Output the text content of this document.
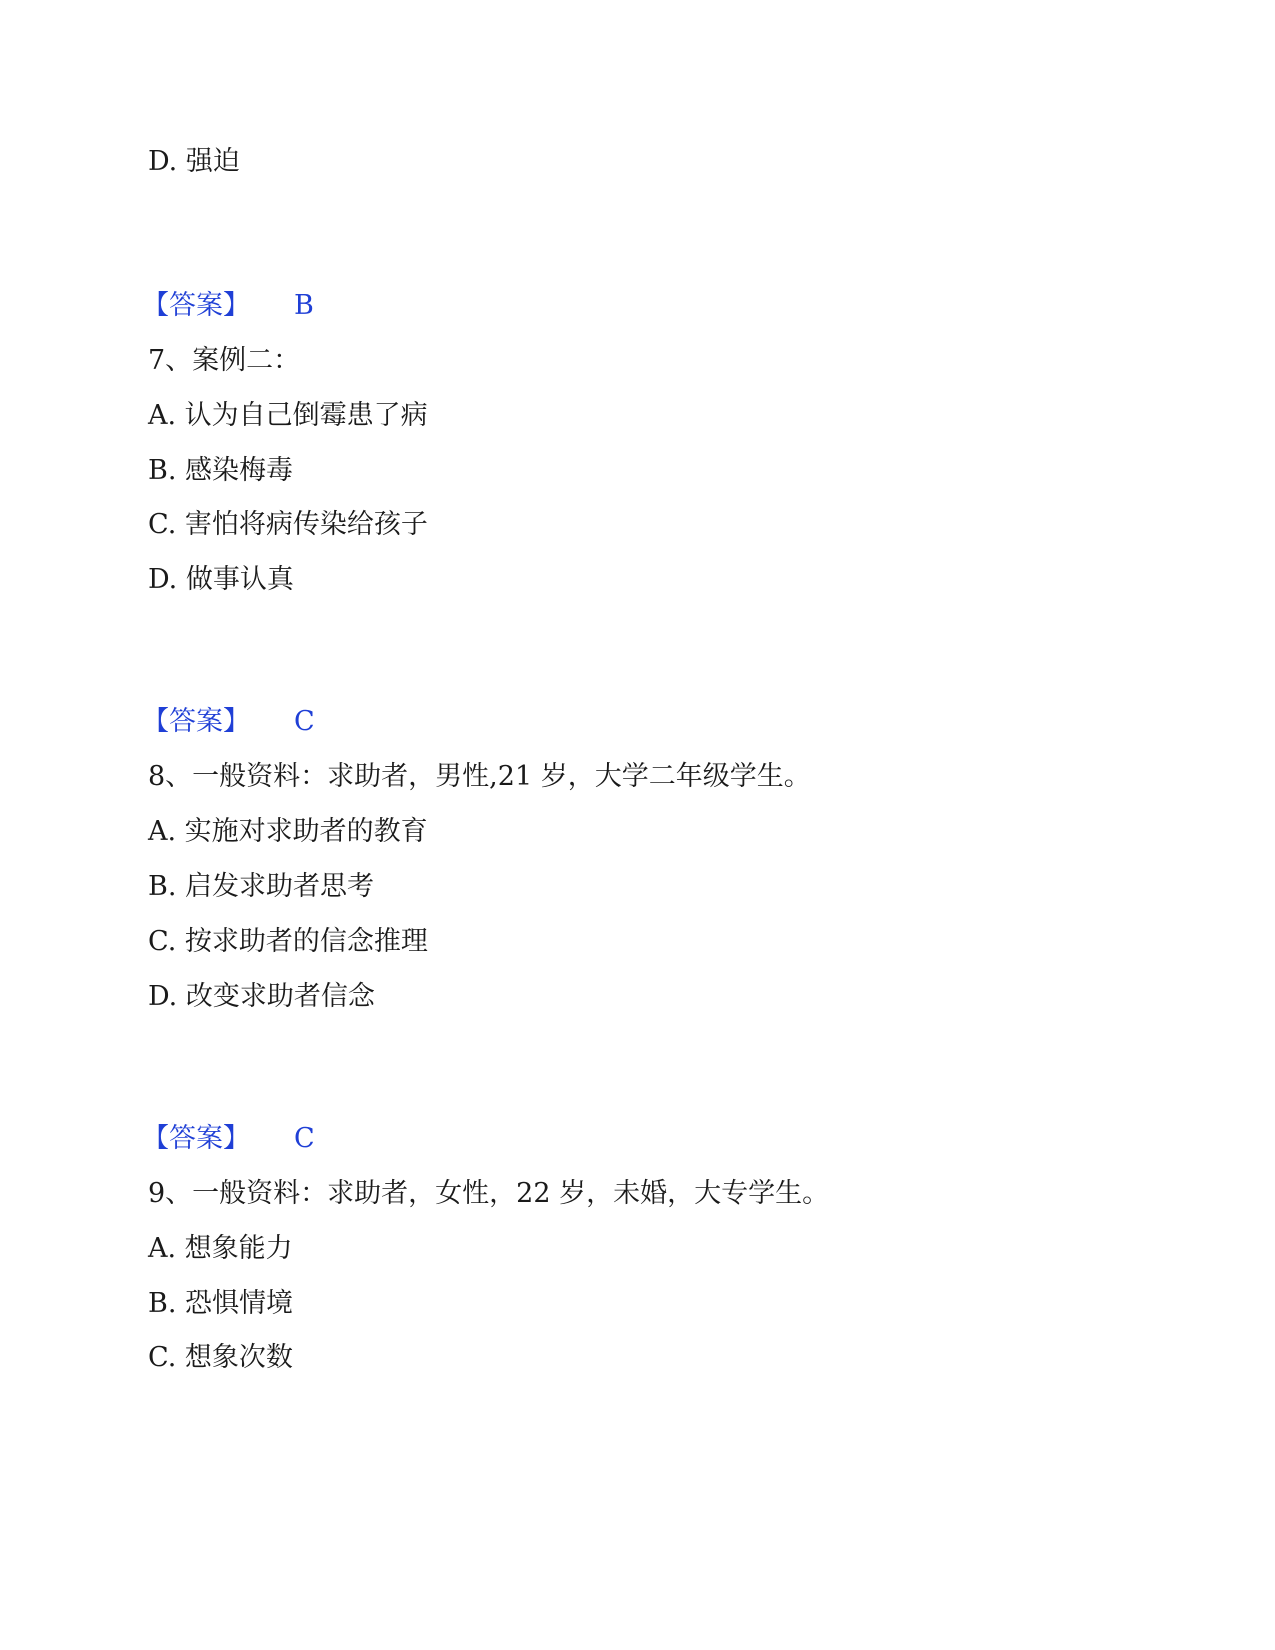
D. 强迫
【答案】 B
7、案例二：
A. 认为自己倒霉患了病
B. 感染梅毒
C. 害怕将病传染给孩子
D. 做事认真
【答案】 C
8、一般资料：求助者，男性,21 岁，大学二年级学生。
A. 实施对求助者的教育
B. 启发求助者思考
C. 按求助者的信念推理
D. 改变求助者信念
【答案】 C
9、一般资料：求助者，女性，22 岁，未婚，大专学生。
A. 想象能力
B. 恐惧情境
C. 想象次数
